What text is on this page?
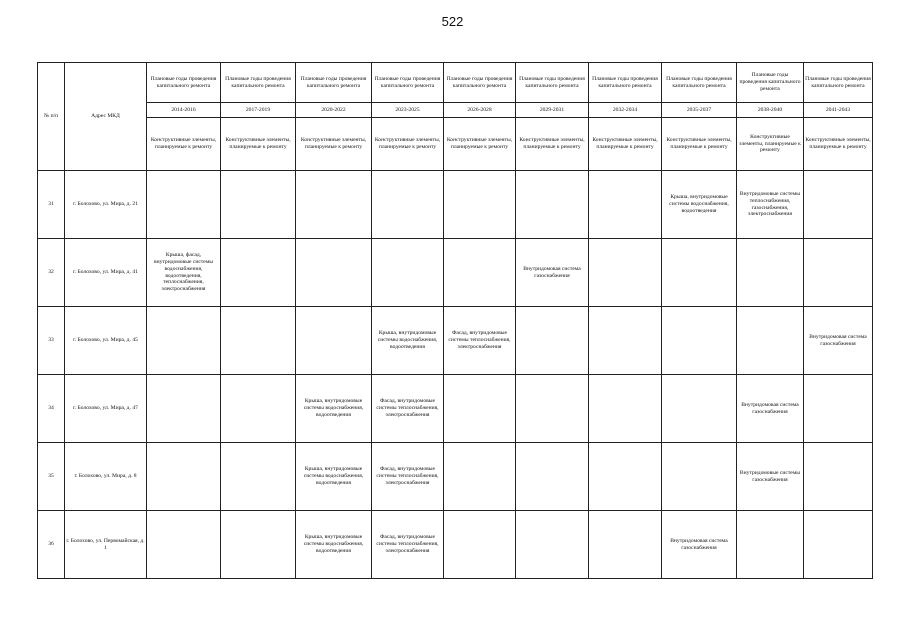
522
№ п/п	Адрес МКД	Плановые годы проведения капитального ремонта	Плановые годы проведения капитального ремонта	Плановые годы проведения капитального ремонта	Плановые годы проведения капитального ремонта	Плановые годы проведения капитального ремонта	Плановые годы проведения капитального ремонта	Плановые годы проведения капитального ремонта	Плановые годы проведения капитального ремонта	Плановые годы проведения капитального ремонта	Плановые годы проведения капитального ремонта
		2014-2016	2017-2019	2020-2022	2023-2025	2026-2028	2029-2031	2032-2034	2035-2037	2038-2040	2041-2043
		Конструктивные элементы, планируемые к ремонту	Конструктивные элементы, планируемые к ремонту	Конструктивные элементы, планируемые к ремонту	Конструктивные элементы, планируемые к ремонту	Конструктивные элементы, планируемые к ремонту	Конструктивные элементы, планируемые к ремонту	Конструктивные элементы, планируемые к ремонту	Конструктивные элементы, планируемые к ремонту	Конструктивные элементы, планируемые к ремонту	Конструктивные элементы, планируемые к ремонту
31	г. Болохово, ул. Мира, д. 21								Крыша, внутридомовые системы водоснабжения, водоотведения	Внутридомовые системы теплоснабжения, газоснабжения, электроснабжения	
32	г. Болохово, ул. Мира, д. 41	Крыша, фасад, внутридомовые системы водоснабжения, водоотведения, теплоснабжения, электроснабжения					Внутридомовая система газоснабжения				
33	г. Болохово, ул. Мира, д. 45				Крыша, внутридомовые системы водоснабжения, водоотведения	Фасад, внутридомовые системы теплоснабжения, электроснабжения					Внутридомовая система газоснабжения
34	г. Болохово, ул. Мира, д. 47			Крыша, внутридомовые системы водоснабжения, водоотведения	Фасад, внутридомовые системы теплоснабжения, электроснабжения					Внутридомовая система газоснабжения	
35	г. Болохово, ул. Мира, д. 8			Крыша, внутридомовые системы водоснабжения, водоотведения	Фасад, внутридомовые системы теплоснабжения, электроснабжения					Внутридомовые системы газоснабжения	
36	г. Болохово, ул. Первомайская, д. 1			Крыша, внутридомовые системы водоснабжения, водоотведения	Фасад, внутридомовые системы теплоснабжения, электроснабжения				Внутридомовая система газоснабжения		
